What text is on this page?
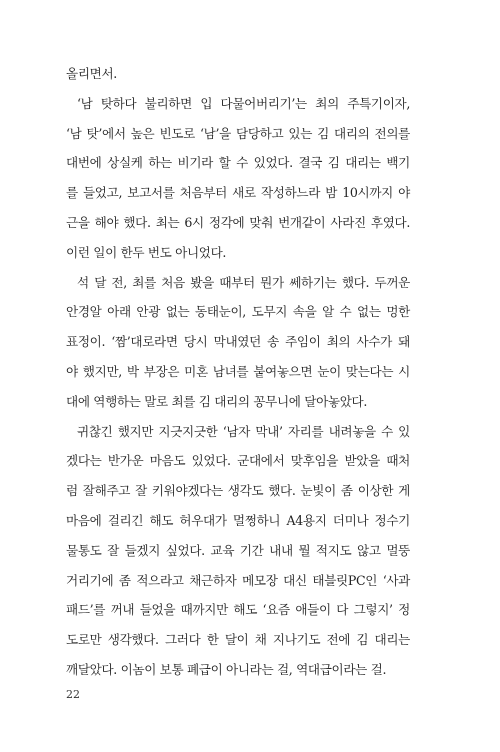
올리면서.

‘남 탓하다 불리하면 입 다물어버리기’는 최의 주특기이자,
‘남 탓’에서 높은 빈도로 ‘남’을 담당하고 있는 김 대리의 전의를
대번에 상실케 하는 비기라 할 수 있었다. 결국 김 대리는 백기
를 들었고, 보고서를 처음부터 새로 작성하느라 밤 10시까지 야
근을 해야 했다. 최는 6시 정각에 맞춰 번개같이 사라진 후였다.
이런 일이 한두 번도 아니었다.

석 달 전, 최를 처음 봤을 때부터 뭔가 쎄하기는 했다. 두꺼운
안경알 아래 안광 없는 동태눈이, 도무지 속을 알 수 없는 멍한
표정이. ‘짬’대로라면 당시 막내였던 송 주임이 최의 사수가 돼
야 했지만, 박 부장은 미혼 남녀를 붙여놓으면 눈이 맞는다는 시
대에 역행하는 말로 최를 김 대리의 꽁무니에 달아놓았다.

귀찮긴 했지만 지긋지긋한 ‘남자 막내’ 자리를 내려놓을 수 있
겠다는 반가운 마음도 있었다. 군대에서 맞후임을 받았을 때처
럼 잘해주고 잘 키워야겠다는 생각도 했다. 눈빛이 좀 이상한 게
마음에 걸리긴 해도 허우대가 멀쩡하니 A4용지 더미나 정수기
물통도 잘 들겠지 싶었다. 교육 기간 내내 뭘 적지도 않고 멀뚱
거리기에 좀 적으라고 채근하자 메모장 대신 태블릿PC인 ‘사과
패드’를 꺼내 들었을 때까지만 해도 ‘요즘 애들이 다 그렇지’ 정
도로만 생각했다. 그러다 한 달이 채 지나기도 전에 김 대리는
깨달았다. 이놈이 보통 폐급이 아니라는 걸, 역대급이라는 걸.

22
